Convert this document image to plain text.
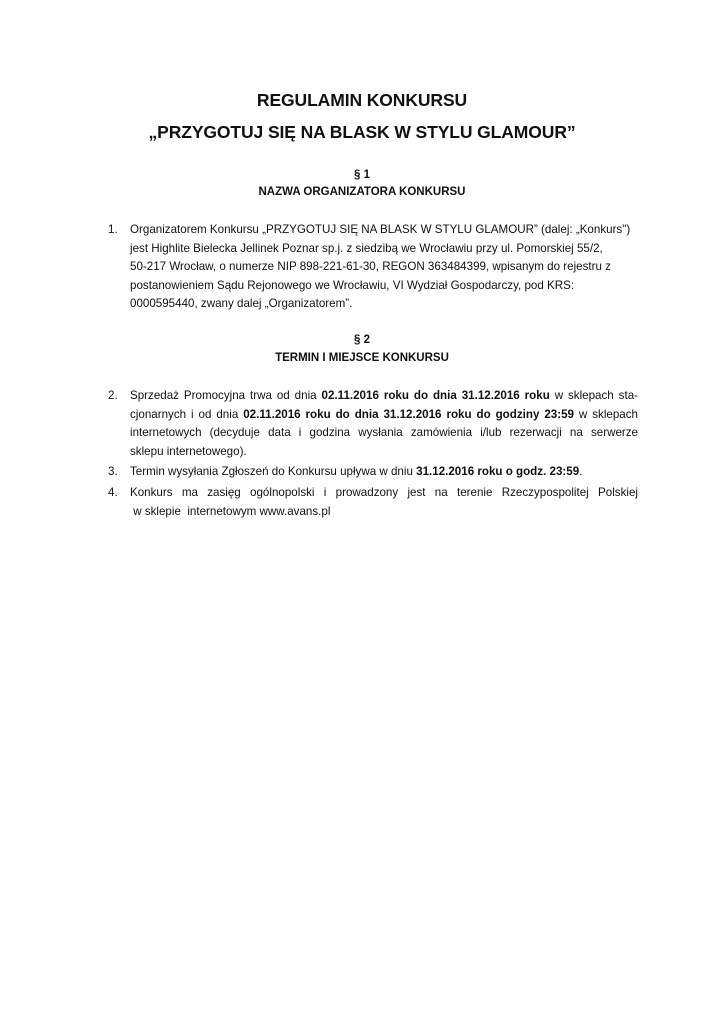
REGULAMIN KONKURSU
„PRZYGOTUJ SIĘ NA BLASK W STYLU GLAMOUR”
§ 1
NAZWA ORGANIZATORA KONKURSU
1. Organizatorem Konkursu „PRZYGOTUJ SIĘ NA BLASK W STYLU GLAMOUR” (dalej: „Konkurs")
jest Highlite Bielecka Jellinek Poznar sp.j. z siedzibą we Wrocławiu przy ul. Pomorskiej 55/2,
50-217 Wrocław, o numerze NIP 898-221-61-30, REGON 363484399, wpisanym do rejestru z
postanowieniem Sądu Rejonowego we Wrocławiu, VI Wydział Gospodarczy, pod KRS:
0000595440, zwany dalej „Organizatorem”.
§ 2
TERMIN I MIEJSCE KONKURSU
2. Sprzedaż Promocyjna trwa od dnia 02.11.2016 roku do dnia 31.12.2016 roku w sklepach sta-
cjonarnych i od dnia 02.11.2016 roku do dnia 31.12.2016 roku do godziny 23:59 w sklepach
internetowych (decyduje data i godzina wysłania zamówienia i/lub rezerwacji na serwerze
sklepu internetowego).
3. Termin wysyłania Zgłoszeń do Konkursu upływa w dniu 31.12.2016 roku o godz. 23:59.
4. Konkurs ma zasięg ogólnopolski i prowadzony jest na terenie Rzeczypospolitej Polskiej
w sklepie  internetowym www.avans.pl
